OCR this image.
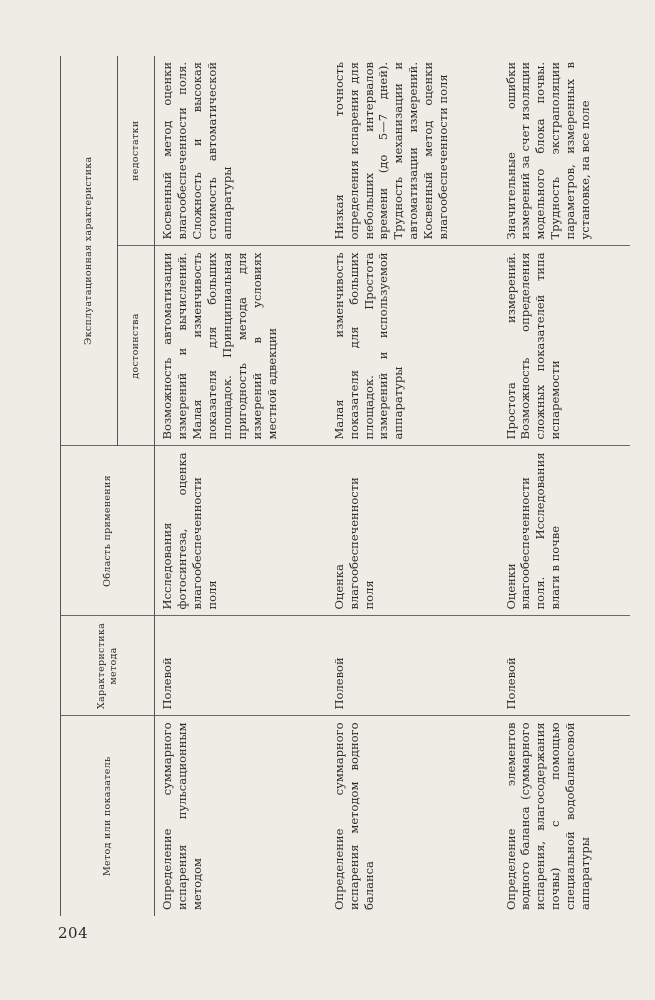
204
Метод или показатель	Характеристика метода	Область применения	Эксплуатационная характеристика	
			достоинства	недостатки
Определение суммарного испарения пульсационным методом	Полевой	Исследования фотосинтеза, оценка влагообеспеченности поля	Возможность автоматизации измерений и вычислений. Малая изменчивость показателя для больших площадок. Принципиальная пригодность метода для измерений в условиях местной адвекции	Косвенный метод оценки влагообеспеченности поля. Сложность и высокая стоимость автоматической аппаратуры
Определение суммарного испарения методом водного баланса	Полевой	Оценка влагообеспеченности поля	Малая изменчивость показателя для больших площадок. Простота измерений и используемой аппаратуры	Низкая точность определения испарения для небольших интервалов времени (до 5—7 дней). Трудность механизации и автоматизации измерений. Косвенный метод оценки влагообеспеченности поля
Определение элементов водного баланса (суммарного испарения, влагосодержания почвы) с помощью специальной водобалансовой аппаратуры	Полевой	Оценки влагообеспеченности поля. Исследования влаги в почве	Простота измерений. Возможность определения сложных показателей типа испаремости	Значительные ошибки измерений за счет изоляции модельного блока почвы. Трудность экстраполяции параметров, измеренных в установке, на все поле
